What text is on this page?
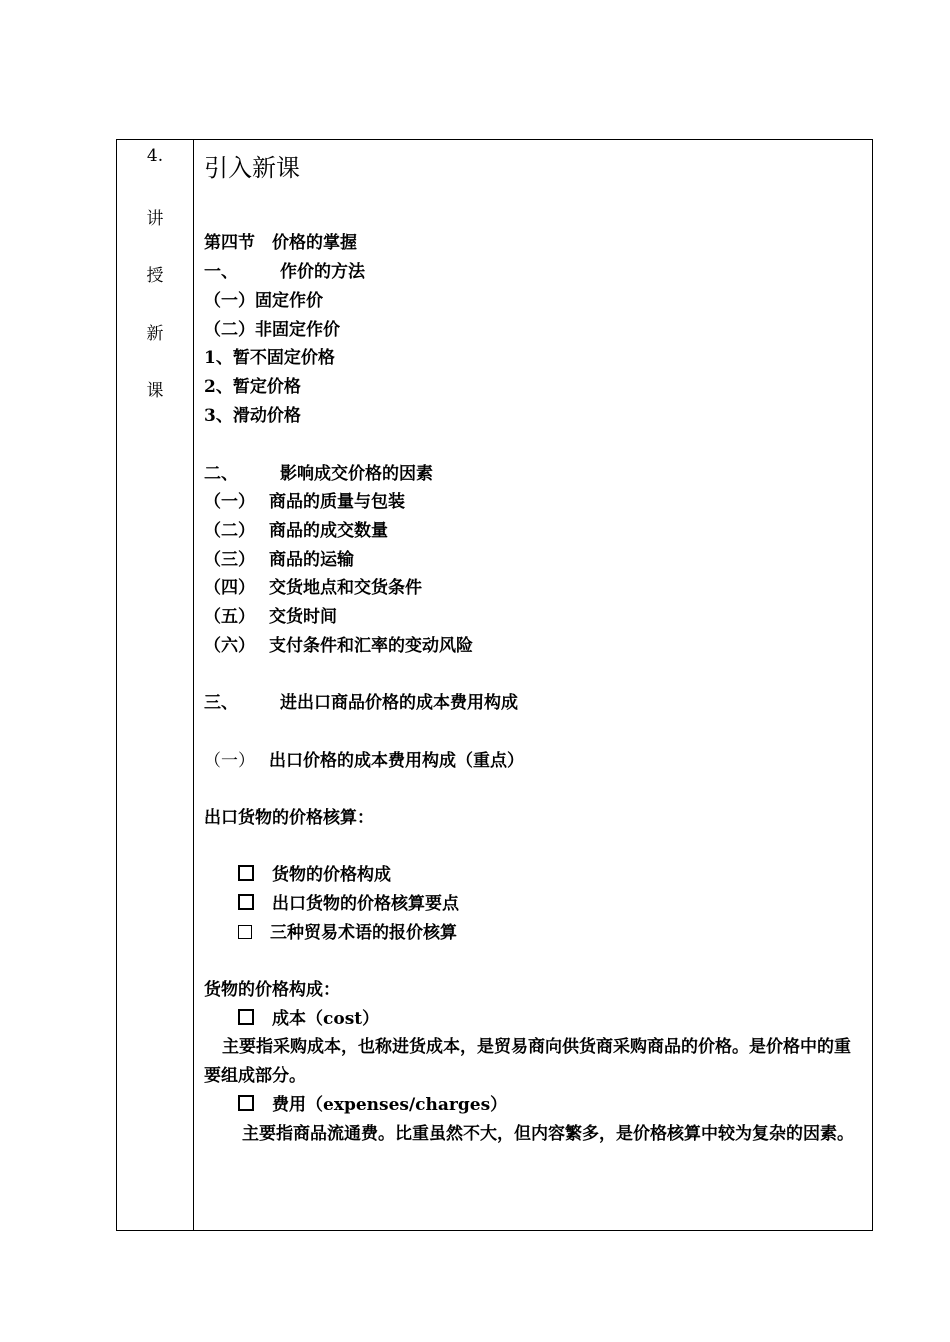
4.
讲
授
新
课
引入新课
第四节　价格的掌握
一、 作价的方法
（一）固定作价
（二）非固定作价
1、暂不固定价格
2、暂定价格
3、滑动价格
二、 影响成交价格的因素
（一） 商品的质量与包装
（二） 商品的成交数量
（三） 商品的运输
（四） 交货地点和交货条件
（五） 交货时间
（六） 支付条件和汇率的变动风险
三、 进出口商品价格的成本费用构成
（一） 出口价格的成本费用构成（重点）
出口货物的价格核算：
货物的价格构成
出口货物的价格核算要点
三种贸易术语的报价核算
货物的价格构成：
成本（cost）
主要指采购成本，也称进货成本，是贸易商向供货商采购商品的价格。是价格中的重要组成部分。
费用（expenses/charges）
主要指商品流通费。比重虽然不大，但内容繁多，是价格核算中较为复杂的因素。
